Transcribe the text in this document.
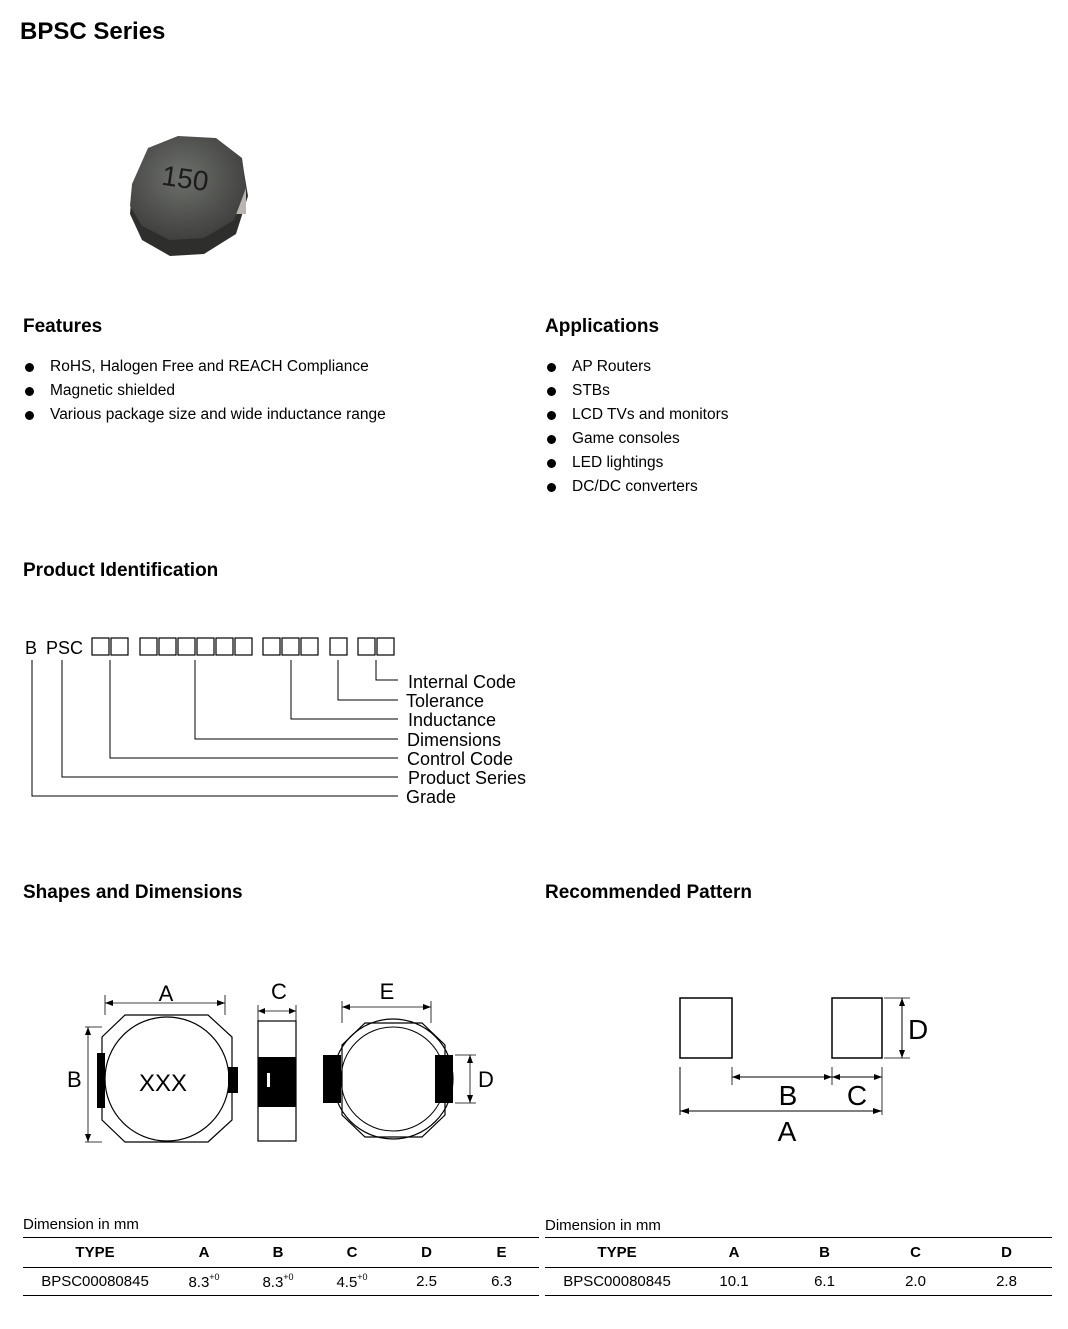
BPSC Series
150
Features
RoHS, Halogen Free and REACH Compliance
Magnetic shielded
Various package size and wide inductance range
Applications
AP Routers
STBs
LCD TVs and monitors
Game consoles
LED lightings
DC/DC converters
Product Identification
B PSC
Internal Code
Tolerance
Inductance
Dimensions
Control Code
Product Series
Grade
Shapes and Dimensions
XXX
A
B
C	E
D
Recommended Pattern
D
B C
A
Dimension in mm
TYPE	A	B	C	D	E
BPSC00080845	$8.3^{+0}$	$8.3^{+0}$	$4.5^{+0}$	2.5	6.3
Dimension in mm
TYPE	A	B	C	D
BPSC00080845	10.1	6.1	2.0	2.8
